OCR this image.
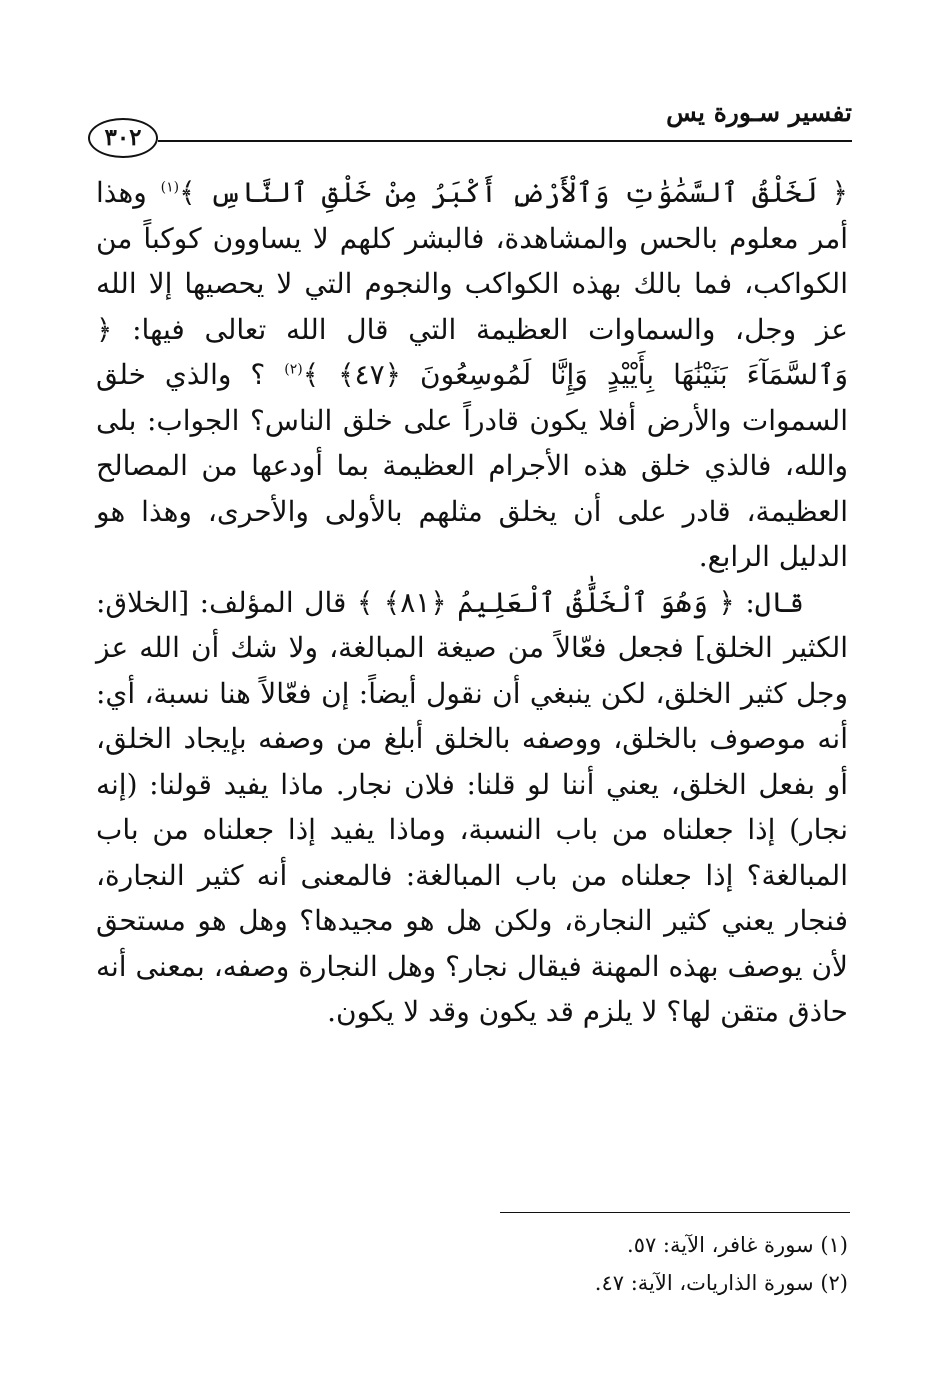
تفسير سـورة يس
٣٠٢

﴿ لَخَلْقُ ٱلسَّمَٰوَٰتِ وَٱلْأَرْضِ أَكْبَرُ مِنْ خَلْقِ ٱلنَّاسِ ﴾$^{(١)}$ وهذا أمر معلوم بالحس والمشاهدة، فالبشر كلهم لا يساوون كوكباً من الكواكب، فما بالك بهذه الكواكب والنجوم التي لا يحصيها إلا الله عز وجل، والسماوات العظيمة التي قال الله تعالى فيها: ﴿ وَٱلسَّمَآءَ بَنَيْنَٰهَا بِأَيْيْدٍ وَإِنَّا لَمُوسِعُونَ ﴿٤٧﴾ ﴾$^{(٢)}$ ؟ والذي خلق السموات والأرض أفلا يكون قادراً على خلق الناس؟ الجواب: بلى والله، فالذي خلق هذه الأجرام العظيمة بما أودعها من المصالح العظيمة، قادر على أن يخلق مثلهم بالأولى والأحرى، وهذا هو الدليل الرابع.

قال: ﴿ وَهُوَ ٱلْخَلَّٰقُ ٱلْعَلِيمُ ﴿٨١﴾ ﴾ قال المؤلف: [الخلاق: الكثير الخلق] فجعل فعّالاً من صيغة المبالغة، ولا شك أن الله عز وجل كثير الخلق، لكن ينبغي أن نقول أيضاً: إن فعّالاً هنا نسبة، أي: أنه موصوف بالخلق، ووصفه بالخلق أبلغ من وصفه بإيجاد الخلق، أو بفعل الخلق، يعني أننا لو قلنا: فلان نجار. ماذا يفيد قولنا: (إنه نجار) إذا جعلناه من باب النسبة، وماذا يفيد إذا جعلناه من باب المبالغة؟ إذا جعلناه من باب المبالغة: فالمعنى أنه كثير النجارة، فنجار يعني كثير النجارة، ولكن هل هو مجيدها؟ وهل هو مستحق لأن يوصف بهذه المهنة فيقال نجار؟ وهل النجارة وصفه، بمعنى أنه حاذق متقن لها؟ لا يلزم قد يكون وقد لا يكون.

(١) سورة غافر، الآية: ٥٧.
(٢) سورة الذاريات، الآية: ٤٧.
